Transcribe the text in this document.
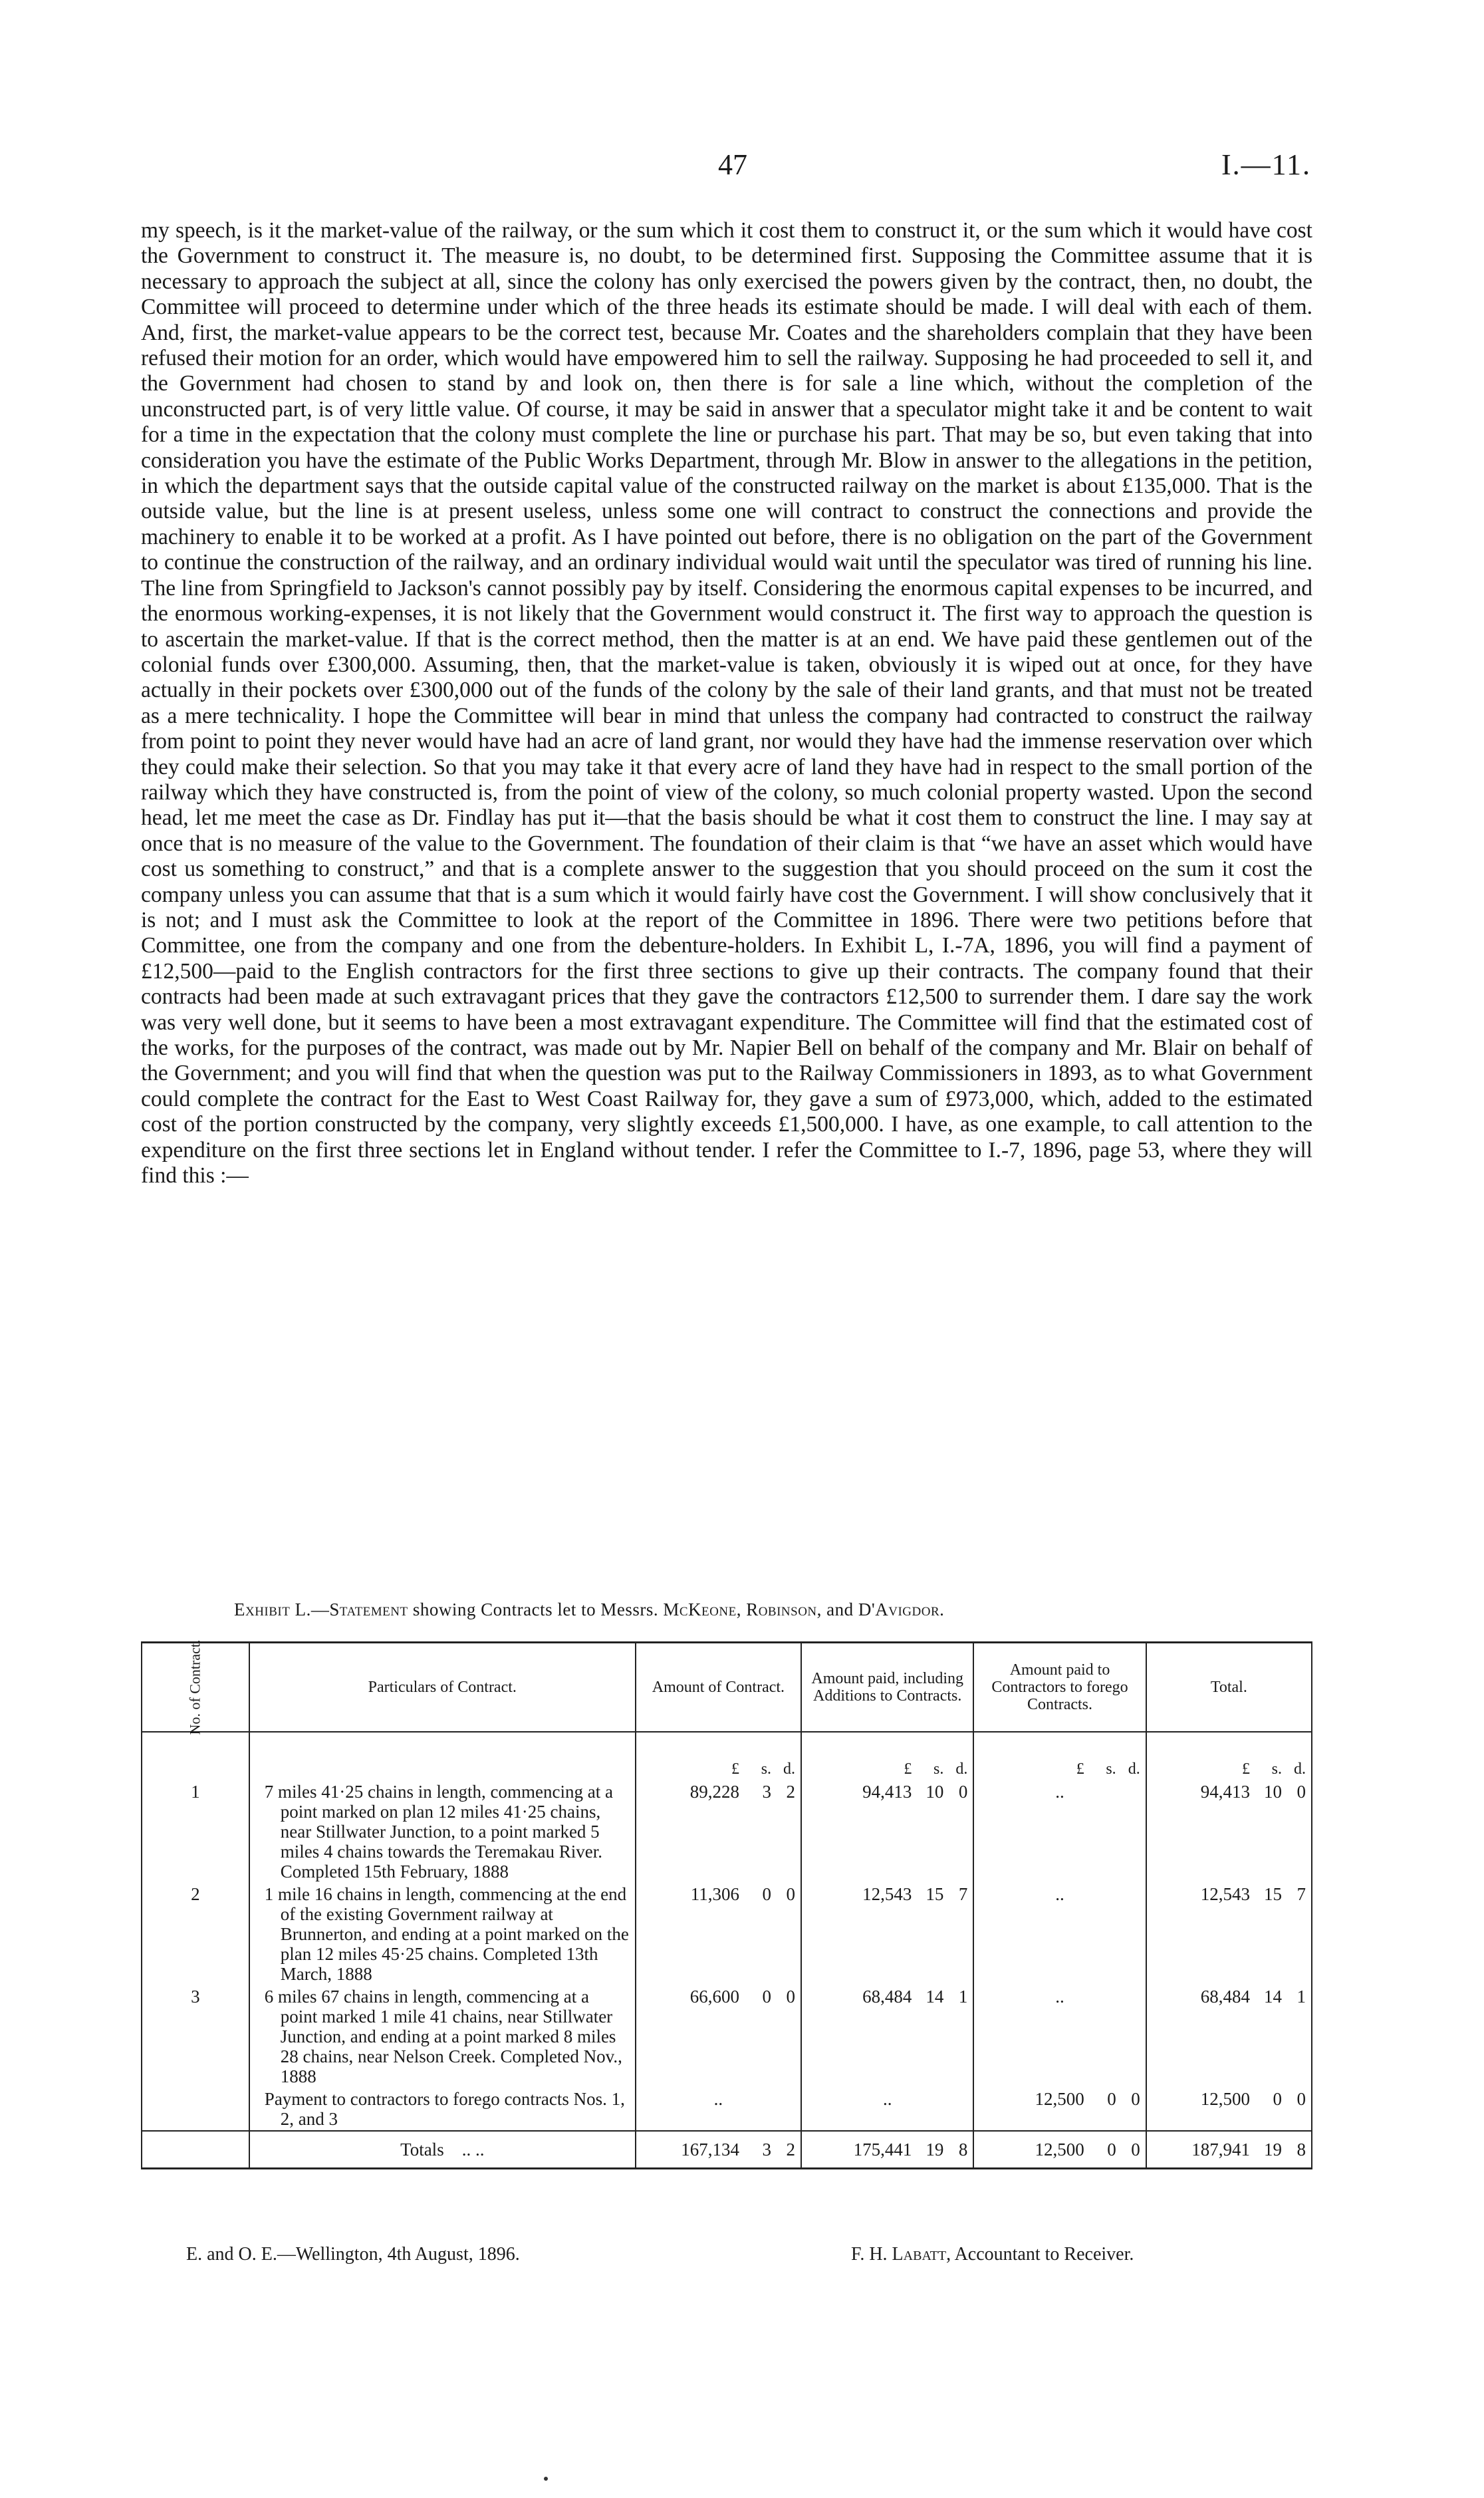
47	I.—11.

my speech, is it the market-value of the railway, or the sum which it cost them to construct it, or the sum which it would have cost the Government to construct it. The measure is, no doubt, to be determined first. Supposing the Committee assume that it is necessary to approach the subject at all, since the colony has only exercised the powers given by the contract, then, no doubt, the Committee will proceed to determine under which of the three heads its estimate should be made. I will deal with each of them. And, first, the market-value appears to be the correct test, because Mr. Coates and the shareholders complain that they have been refused their motion for an order, which would have empowered him to sell the railway. Supposing he had proceeded to sell it, and the Government had chosen to stand by and look on, then there is for sale a line which, without the completion of the unconstructed part, is of very little value. Of course, it may be said in answer that a speculator might take it and be content to wait for a time in the expectation that the colony must complete the line or purchase his part. That may be so, but even taking that into consideration you have the estimate of the Public Works Department, through Mr. Blow in answer to the allegations in the petition, in which the department says that the outside capital value of the constructed railway on the market is about £135,000. That is the outside value, but the line is at present useless, unless some one will contract to construct the connections and provide the machinery to enable it to be worked at a profit. As I have pointed out before, there is no obligation on the part of the Government to continue the construction of the railway, and an ordinary individual would wait until the speculator was tired of running his line. The line from Springfield to Jackson's cannot possibly pay by itself. Considering the enormous capital expenses to be incurred, and the enormous working-expenses, it is not likely that the Government would construct it. The first way to approach the question is to ascertain the market-value. If that is the correct method, then the matter is at an end. We have paid these gentlemen out of the colonial funds over £300,000. Assuming, then, that the market-value is taken, obviously it is wiped out at once, for they have actually in their pockets over £300,000 out of the funds of the colony by the sale of their land grants, and that must not be treated as a mere technicality. I hope the Committee will bear in mind that unless the company had contracted to construct the railway from point to point they never would have had an acre of land grant, nor would they have had the immense reservation over which they could make their selection. So that you may take it that every acre of land they have had in respect to the small portion of the railway which they have constructed is, from the point of view of the colony, so much colonial property wasted. Upon the second head, let me meet the case as Dr. Findlay has put it—that the basis should be what it cost them to construct the line. I may say at once that is no measure of the value to the Government. The foundation of their claim is that “we have an asset which would have cost us something to construct,” and that is a complete answer to the suggestion that you should proceed on the sum it cost the company unless you can assume that that is a sum which it would fairly have cost the Government. I will show conclusively that it is not; and I must ask the Committee to look at the report of the Committee in 1896. There were two petitions before that Committee, one from the company and one from the debenture-holders. In Exhibit L, I.-7A, 1896, you will find a payment of £12,500—paid to the English contractors for the first three sections to give up their contracts. The company found that their contracts had been made at such extravagant prices that they gave the contractors £12,500 to surrender them. I dare say the work was very well done, but it seems to have been a most extravagant expenditure. The Committee will find that the estimated cost of the works, for the purposes of the contract, was made out by Mr. Napier Bell on behalf of the company and Mr. Blair on behalf of the Government; and you will find that when the question was put to the Railway Commissioners in 1893, as to what Government could complete the contract for the East to West Coast Railway for, they gave a sum of £973,000, which, added to the estimated cost of the portion constructed by the company, very slightly exceeds £1,500,000. I have, as one example, to call attention to the expenditure on the first three sections let in England without tender. I refer the Committee to I.-7, 1896, page 53, where they will find this :—

Exhibit L.—Statement showing Contracts let to Messrs. McKeone, Robinson, and D'Avigdor.
No. of Contract.	Particulars of Contract.	Amount of Contract.	Amount paid, including Additions to Contracts.	Amount paid to Contractors to forego Contracts.	Total.
		£ s. d.	£ s. d.	£ s. d.	£ s. d.
1	7 miles 41·25 chains in length, commencing at a point marked on plan 12 miles 41·25 chains, near Stillwater Junction, to a point marked 5 miles 4 chains towards the Teremakau River. Completed 15th February, 1888	89,228 3 2	94,413 10 0	..	94,413 10 0
2	1 mile 16 chains in length, commencing at the end of the existing Government railway at Brunnerton, and ending at a point marked on the plan 12 miles 45·25 chains. Completed 13th March, 1888	11,306 0 0	12,543 15 7	..	12,543 15 7
3	6 miles 67 chains in length, commencing at a point marked 1 mile 41 chains, near Stillwater Junction, and ending at a point marked 8 miles 28 chains, near Nelson Creek. Completed Nov., 1888	66,600 0 0	68,484 14 1	..	68,484 14 1

	Payment to contractors to forego contracts Nos. 1, 2, and 3	..	..	12,500 0 0	12,500 0 0
	Totals .. ..	167,134 3 2	175,441 19 8	12,500 0 0	187,941 19 8
E. and O. E.—Wellington, 4th August, 1896.	F. H. Labatt, Accountant to Receiver.
